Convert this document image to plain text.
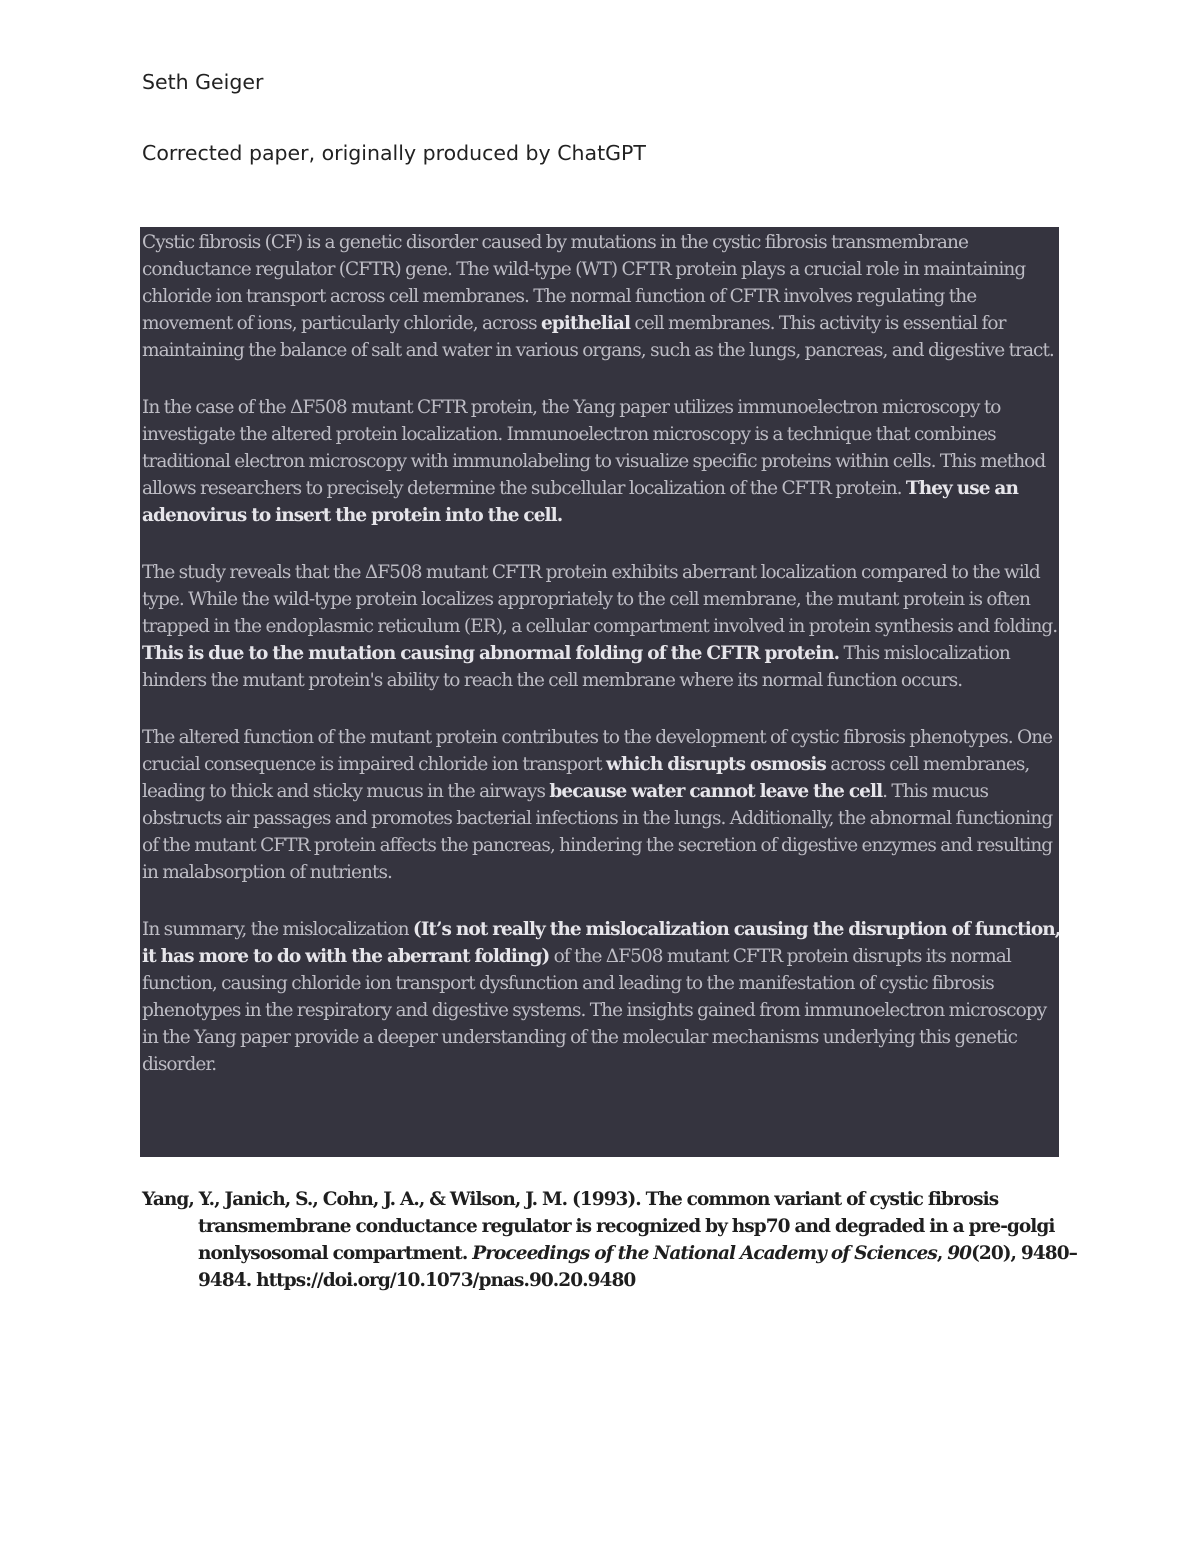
Seth Geiger
Corrected paper, originally produced by ChatGPT

Cystic fibrosis (CF) is a genetic disorder caused by mutations in the cystic fibrosis transmembrane conductance regulator (CFTR) gene. The wild-type (WT) CFTR protein plays a crucial role in maintaining chloride ion transport across cell membranes. The normal function of CFTR involves regulating the movement of ions, particularly chloride, across epithelial cell membranes. This activity is essential for maintaining the balance of salt and water in various organs, such as the lungs, pancreas, and digestive tract.

In the case of the ΔF508 mutant CFTR protein, the Yang paper utilizes immunoelectron microscopy to investigate the altered protein localization. Immunoelectron microscopy is a technique that combines traditional electron microscopy with immunolabeling to visualize specific proteins within cells. This method allows researchers to precisely determine the subcellular localization of the CFTR protein. They use an adenovirus to insert the protein into the cell.

The study reveals that the ΔF508 mutant CFTR protein exhibits aberrant localization compared to the wild type. While the wild-type protein localizes appropriately to the cell membrane, the mutant protein is often trapped in the endoplasmic reticulum (ER), a cellular compartment involved in protein synthesis and folding. This is due to the mutation causing abnormal folding of the CFTR protein. This mislocalization hinders the mutant protein's ability to reach the cell membrane where its normal function occurs.

The altered function of the mutant protein contributes to the development of cystic fibrosis phenotypes. One crucial consequence is impaired chloride ion transport which disrupts osmosis across cell membranes, leading to thick and sticky mucus in the airways because water cannot leave the cell. This mucus obstructs air passages and promotes bacterial infections in the lungs. Additionally, the abnormal functioning of the mutant CFTR protein affects the pancreas, hindering the secretion of digestive enzymes and resulting in malabsorption of nutrients.

In summary, the mislocalization (It’s not really the mislocalization causing the disruption of function, it has more to do with the aberrant folding) of the ΔF508 mutant CFTR protein disrupts its normal function, causing chloride ion transport dysfunction and leading to the manifestation of cystic fibrosis phenotypes in the respiratory and digestive systems. The insights gained from immunoelectron microscopy in the Yang paper provide a deeper understanding of the molecular mechanisms underlying this genetic disorder.

Yang, Y., Janich, S., Cohn, J. A., & Wilson, J. M. (1993). The common variant of cystic fibrosis transmembrane conductance regulator is recognized by hsp70 and degraded in a pre-golgi nonlysosomal compartment. Proceedings of the National Academy of Sciences, 90(20), 9480–9484. https://doi.org/10.1073/pnas.90.20.9480
